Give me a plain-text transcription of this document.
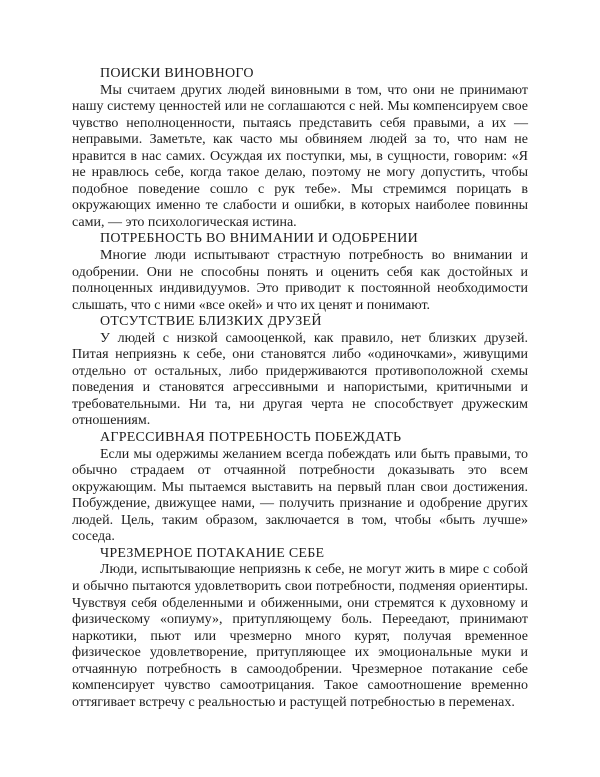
ПОИСКИ ВИНОВНОГО

Мы считаем других людей виновными в том, что они не принимают нашу систему ценностей или не соглашаются с ней. Мы компенсируем свое чувство неполноценности, пытаясь представить себя правыми, а их — неправыми. Заметьте, как часто мы обвиняем людей за то, что нам не нравится в нас самих. Осуждая их поступки, мы, в сущности, говорим: «Я не нравлюсь себе, когда такое делаю, поэтому не могу допустить, чтобы подобное поведение сошло с рук тебе». Мы стремимся порицать в окружающих именно те слабости и ошибки, в которых наиболее повинны сами, — это психологическая истина.

ПОТРЕБНОСТЬ ВО ВНИМАНИИ И ОДОБРЕНИИ

Многие люди испытывают страстную потребность во внимании и одобрении. Они не способны понять и оценить себя как достойных и полноценных индивидуумов. Это приводит к постоянной необходимости слышать, что с ними «все окей» и что их ценят и понимают.

ОТСУТСТВИЕ БЛИЗКИХ ДРУЗЕЙ

У людей с низкой самооценкой, как правило, нет близких друзей. Питая неприязнь к себе, они становятся либо «одиночками», живущими отдельно от остальных, либо придерживаются противоположной схемы поведения и становятся агрессивными и напористыми, критичными и требовательными. Ни та, ни другая черта не способствует дружеским отношениям.

АГРЕССИВНАЯ ПОТРЕБНОСТЬ ПОБЕЖДАТЬ

Если мы одержимы желанием всегда побеждать или быть правыми, то обычно страдаем от отчаянной потребности доказывать это всем окружающим. Мы пытаемся выставить на первый план свои достижения. Побуждение, движущее нами, — получить признание и одобрение других людей. Цель, таким образом, заключается в том, чтобы «быть лучше» соседа.

ЧРЕЗМЕРНОЕ ПОТАКАНИЕ СЕБЕ

Люди, испытывающие неприязнь к себе, не могут жить в мире с собой и обычно пытаются удовлетворить свои потребности, подменяя ориентиры. Чувствуя себя обделенными и обиженными, они стремятся к духовному и физическому «опиуму», притупляющему боль. Переедают, принимают наркотики, пьют или чрезмерно много курят, получая временное физическое удовлетворение, притупляющее их эмоциональные муки и отчаянную потребность в самоодобрении. Чрезмерное потакание себе компенсирует чувство самоотрицания. Такое самоотношение временно оттягивает встречу с реальностью и растущей потребностью в переменах.
